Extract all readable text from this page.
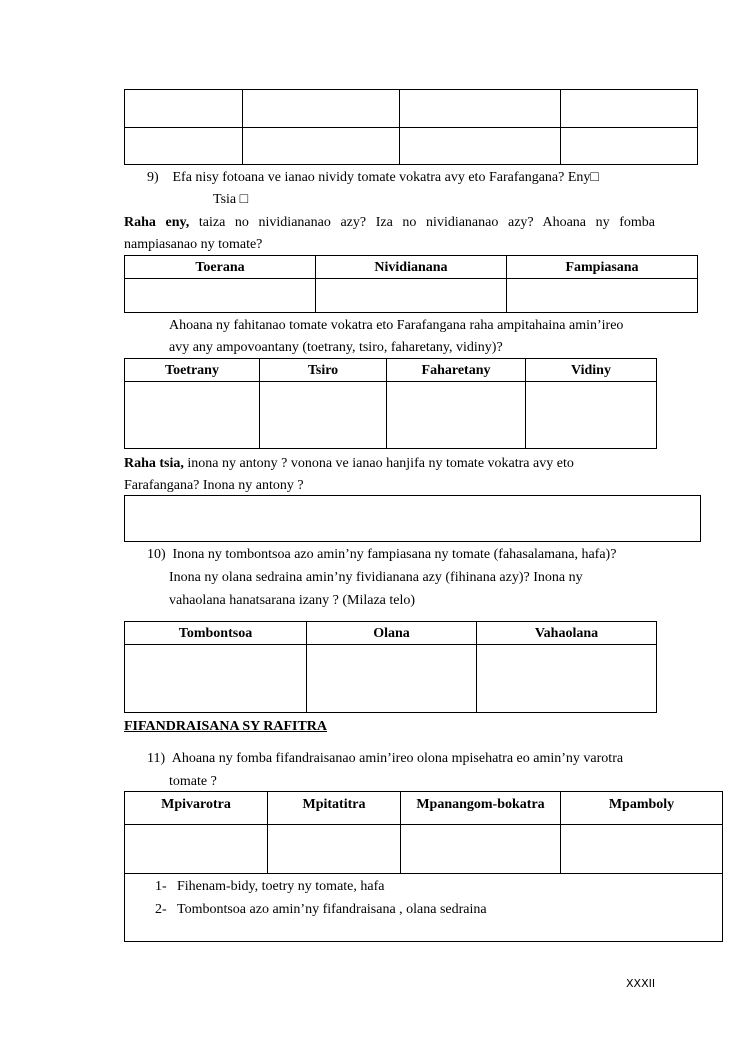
9) Efa nisy fotoana ve ianao nividy tomate vokatra avy eto Farafangana? Eny□
Tsia □
Raha eny, taiza no nividiananao azy? Iza no nividiananao azy? Ahoana ny fomba
nampiasanao ny tomate?
Toerana	Nividianana	Fampiasana

Ahoana ny fahitanao tomate vokatra eto Farafangana raha ampitahaina amin’ireo
avy any ampovoantany (toetrany, tsiro, faharetany, vidiny)?
Toetrany	Tsiro	Faharetany	Vidiny

Raha tsia, inona ny antony ? vonona ve ianao hanjifa ny tomate vokatra avy eto
Farafangana? Inona ny antony ?
10) Inona ny tombontsoa azo amin’ny fampiasana ny tomate (fahasalamana, hafa)?
Inona ny olana sedraina amin’ny fividianana azy (fihinana azy)? Inona ny
vahaolana hanatsarana izany ? (Milaza telo)
Tombontsoa	Olana	Vahaolana

FIFANDRAISANA SY RAFITRA
11) Ahoana ny fomba fifandraisanao amin’ireo olona mpisehatra eo amin’ny varotra
tomate ?
Mpivarotra	Mpitatitra	Mpanangom-bokatra	Mpamboly

1- Fihenam-bidy, toetry ny tomate, hafa
2- Tombontsoa azo amin’ny fifandraisana , olana sedraina			
XXXII
